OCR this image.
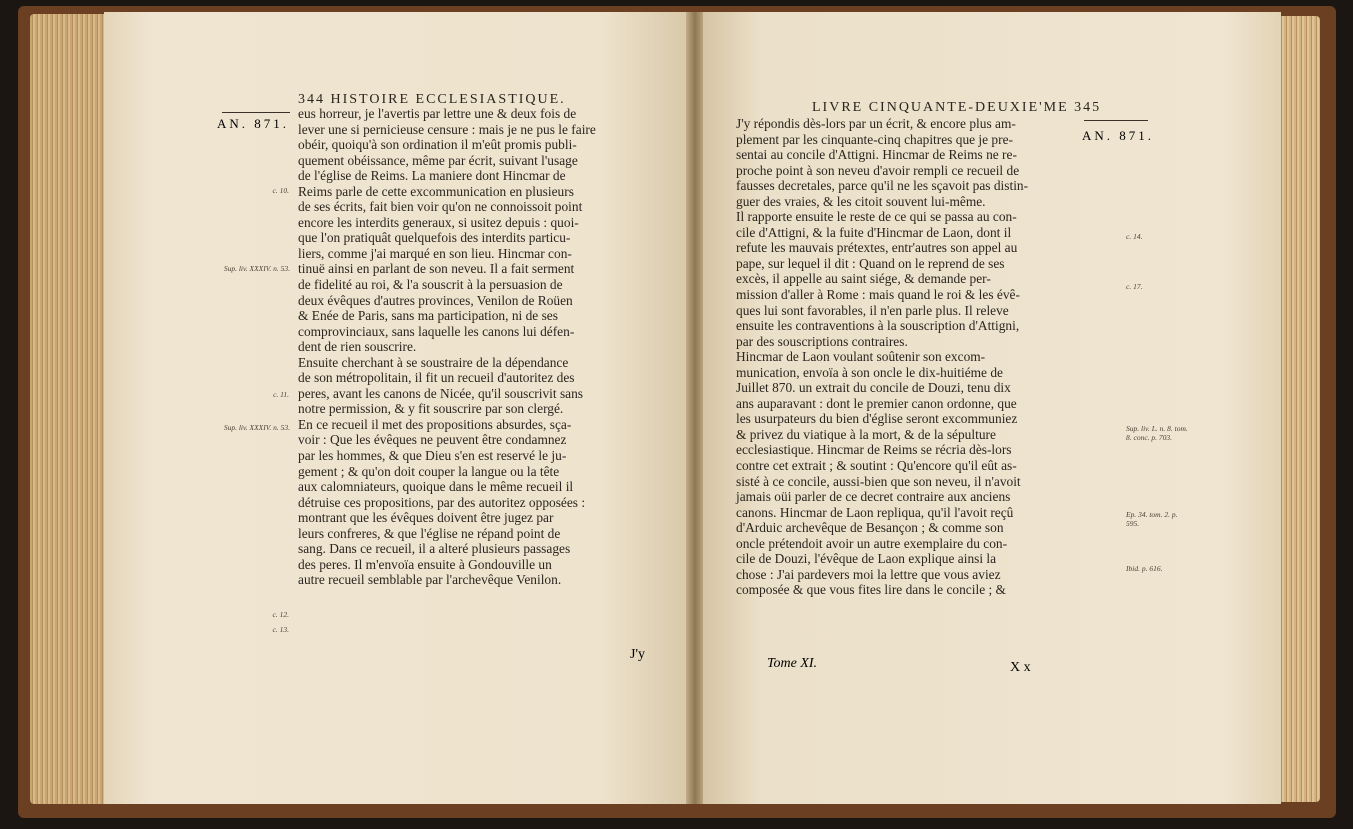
344 HISTOIRE ECCLESIASTIQUE.
AN. 871.
c. 10.
Sup. liv. XXXIV. n. 53.
c. 11.
Sup. liv. XXXIV. n. 53.
c. 12.
c. 13.
eus horreur, je l'avertis par lettre une & deux fois de
lever une si pernicieuse censure : mais je ne pus le faire
obéir, quoiqu'à son ordination il m'eût promis publi-
quement obéissance, même par écrit, suivant l'usage
de l'église de Reims. La maniere dont Hincmar de
Reims parle de cette excommunication en plusieurs
de ses écrits, fait bien voir qu'on ne connoissoit point
encore les interdits generaux, si usitez depuis : quoi-
que l'on pratiquât quelquefois des interdits particu-
liers, comme j'ai marqué en son lieu. Hincmar con-
tinuë ainsi en parlant de son neveu. Il a fait serment
de fidelité au roi, & l'a souscrit à la persuasion de
deux évêques d'autres provinces, Venilon de Roüen
& Enée de Paris, sans ma participation, ni de ses
comprovinciaux, sans laquelle les canons lui défen-
dent de rien souscrire.
Ensuite cherchant à se soustraire de la dépendance
de son métropolitain, il fit un recueil d'autoritez des
peres, avant les canons de Nicée, qu'il souscrivit sans
notre permission, & y fit souscrire par son clergé.
En ce recueil il met des propositions absurdes, sça-
voir : Que les évêques ne peuvent être condamnez
par les hommes, & que Dieu s'en est reservé le ju-
gement ; & qu'on doit couper la langue ou la tête
aux calomniateurs, quoique dans le même recueil il
détruise ces propositions, par des autoritez opposées :
montrant que les évêques doivent être jugez par
leurs confreres, & que l'église ne répand point de
sang. Dans ce recueil, il a alteré plusieurs passages
des peres. Il m'envoïa ensuite à Gondouville un
autre recueil semblable par l'archevêque Venilon.
J'y
LIVRE CINQUANTE-DEUXIE'ME 345
AN. 871.
c. 14.
c. 17.
Sup. liv. L. n. 8. tom. 8. conc. p. 703.
Ep. 34. tom. 2. p. 595.
Ibid. p. 616.
J'y répondis dès-lors par un écrit, & encore plus am-
plement par les cinquante-cinq chapitres que je pre-
sentai au concile d'Attigni. Hincmar de Reims ne re-
proche point à son neveu d'avoir rempli ce recueil de
fausses decretales, parce qu'il ne les sçavoit pas distin-
guer des vraies, & les citoit souvent lui-même.
Il rapporte ensuite le reste de ce qui se passa au con-
cile d'Attigni, & la fuite d'Hincmar de Laon, dont il
refute les mauvais prétextes, entr'autres son appel au
pape, sur lequel il dit : Quand on le reprend de ses
excès, il appelle au saint siége, & demande per-
mission d'aller à Rome : mais quand le roi & les évê-
ques lui sont favorables, il n'en parle plus. Il releve
ensuite les contraventions à la souscription d'Attigni,
par des souscriptions contraires.
Hincmar de Laon voulant soûtenir son excom-
munication, envoïa à son oncle le dix-huitiéme de
Juillet 870. un extrait du concile de Douzi, tenu dix
ans auparavant : dont le premier canon ordonne, que
les usurpateurs du bien d'église seront excommuniez
& privez du viatique à la mort, & de la sépulture
ecclesiastique. Hincmar de Reims se récria dès-lors
contre cet extrait ; & soutint : Qu'encore qu'il eût as-
sisté à ce concile, aussi-bien que son neveu, il n'avoit
jamais oüi parler de ce decret contraire aux anciens
canons. Hincmar de Laon repliqua, qu'il l'avoit reçû
d'Arduic archevêque de Besançon ; & comme son
oncle prétendoit avoir un autre exemplaire du con-
cile de Douzi, l'évêque de Laon explique ainsi la
chose : J'ai pardevers moi la lettre que vous aviez
composée & que vous fites lire dans le concile ; &
Tome XI.	X x
